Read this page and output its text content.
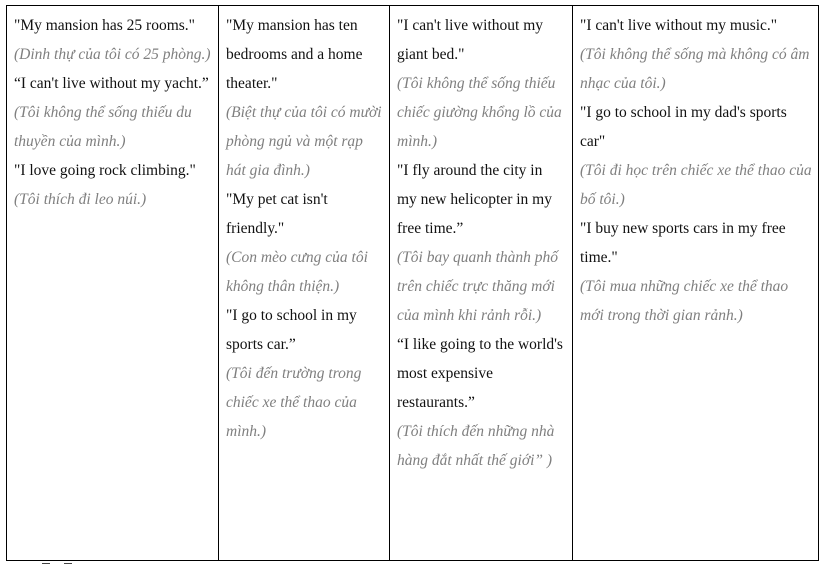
"My mansion has 25 rooms."
(Dinh thự của tôi có 25 phòng.)
“I can't live without my yacht.”
(Tôi không thể sống thiếu du thuyền của mình.)
"I love going rock climbing."
(Tôi thích đi leo núi.)

"My mansion has ten bedrooms and a home theater."
(Biệt thự của tôi có mười phòng ngủ và một rạp hát gia đình.)
"My pet cat isn't friendly."
(Con mèo cưng của tôi không thân thiện.)
"I go to school in my sports car.”
(Tôi đến trường trong chiếc xe thể thao của mình.)

"I can't live without my giant bed."
(Tôi không thể sống thiếu chiếc giường khổng lồ của mình.)
"I fly around the city in my new helicopter in my free time.”
(Tôi bay quanh thành phố trên chiếc trực thăng mới của mình khi rảnh rỗi.)
“I like going to the world's most expensive restaurants.”
(Tôi thích đến những nhà hàng đắt nhất thế giới” )

"I can't live without my music."
(Tôi không thể sống mà không có âm nhạc của tôi.)
"I go to school in my dad's sports car"
(Tôi đi học trên chiếc xe thể thao của bố tôi.)
"I buy new sports cars in my free time."
(Tôi mua những chiếc xe thể thao mới trong thời gian rảnh.)
